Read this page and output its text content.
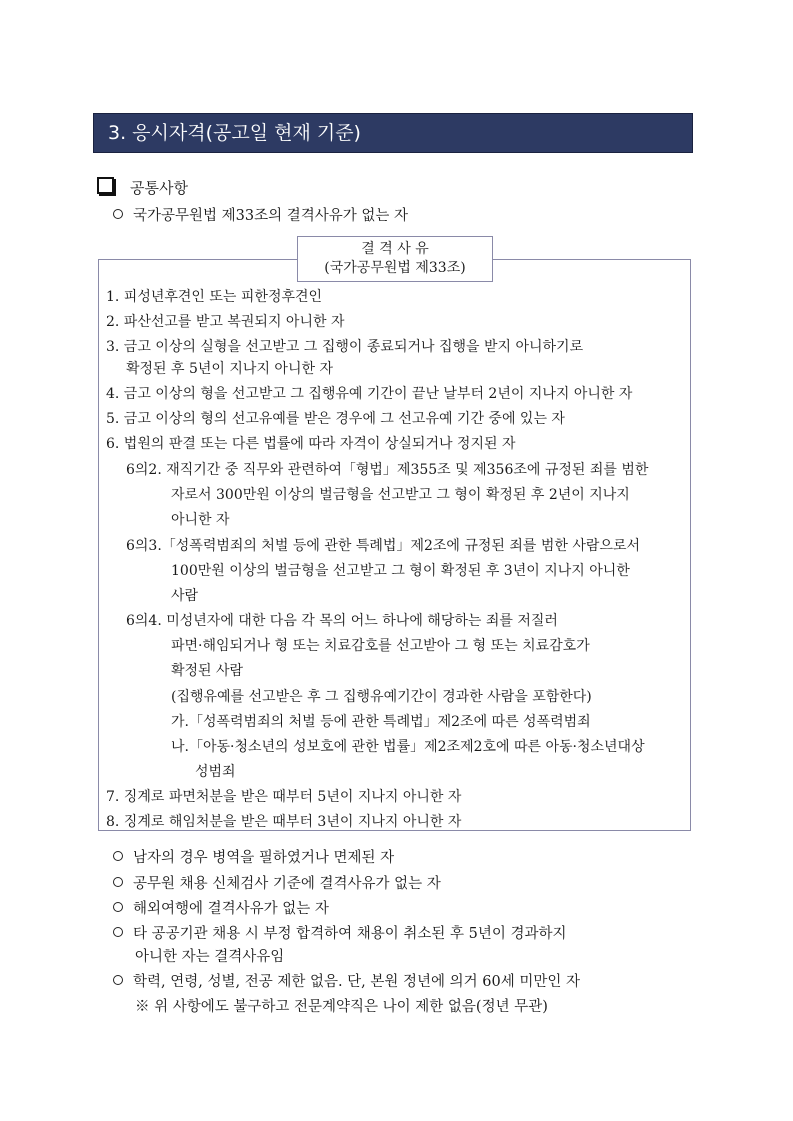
3. 응시자격(공고일 현재 기준)
공통사항
국가공무원법 제33조의 결격사유가 없는 자
결 격 사 유
(국가공무원법 제33조)
1. 피성년후견인 또는 피한정후견인
2. 파산선고를 받고 복권되지 아니한 자
3. 금고 이상의 실형을 선고받고 그 집행이 종료되거나 집행을 받지 아니하기로
확정된 후 5년이 지나지 아니한 자
4. 금고 이상의 형을 선고받고 그 집행유예 기간이 끝난 날부터 2년이 지나지 아니한 자
5. 금고 이상의 형의 선고유예를 받은 경우에 그 선고유예 기간 중에 있는 자
6. 법원의 판결 또는 다른 법률에 따라 자격이 상실되거나 정지된 자
6의2. 재직기간 중 직무와 관련하여「형법」제355조 및 제356조에 규정된 죄를 범한
자로서 300만원 이상의 벌금형을 선고받고 그 형이 확정된 후 2년이 지나지
아니한 자
6의3.「성폭력범죄의 처벌 등에 관한 특례법」제2조에 규정된 죄를 범한 사람으로서
100만원 이상의 벌금형을 선고받고 그 형이 확정된 후 3년이 지나지 아니한
사람
6의4. 미성년자에 대한 다음 각 목의 어느 하나에 해당하는 죄를 저질러
파면·해임되거나 형 또는 치료감호를 선고받아 그 형 또는 치료감호가
확정된 사람
(집행유예를 선고받은 후 그 집행유예기간이 경과한 사람을 포함한다)
가.「성폭력범죄의 처벌 등에 관한 특례법」제2조에 따른 성폭력범죄
나.「아동·청소년의 성보호에 관한 법률」제2조제2호에 따른 아동·청소년대상
성범죄
7. 징계로 파면처분을 받은 때부터 5년이 지나지 아니한 자
8. 징계로 해임처분을 받은 때부터 3년이 지나지 아니한 자
남자의 경우 병역을 필하였거나 면제된 자
공무원 채용 신체검사 기준에 결격사유가 없는 자
해외여행에 결격사유가 없는 자
타 공공기관 채용 시 부정 합격하여 채용이 취소된 후 5년이 경과하지
아니한 자는 결격사유임
학력, 연령, 성별, 전공 제한 없음. 단, 본원 정년에 의거 60세 미만인 자
※ 위 사항에도 불구하고 전문계약직은 나이 제한 없음(정년 무관)
